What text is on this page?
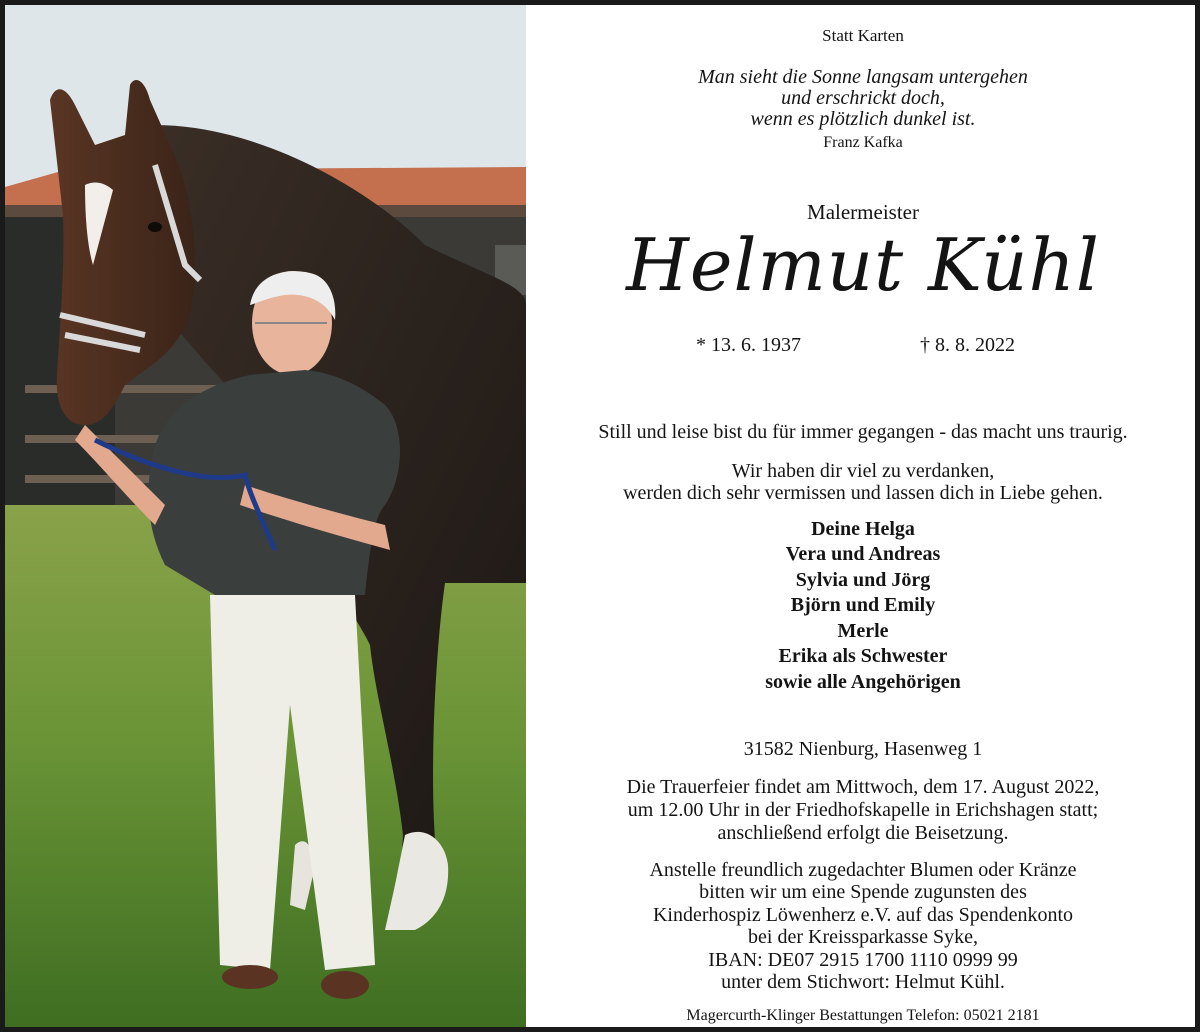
Statt Karten
Man sieht die Sonne langsam untergehen
und erschrickt doch,
wenn es plötzlich dunkel ist.
Franz Kafka
Malermeister
Helmut Kühl
* 13. 6. 1937	† 8. 8. 2022
Still und leise bist du für immer gegangen - das macht uns traurig.
Wir haben dir viel zu verdanken,
werden dich sehr vermissen und lassen dich in Liebe gehen.
Deine Helga
Vera und Andreas
Sylvia und Jörg
Björn und Emily
Merle
Erika als Schwester
sowie alle Angehörigen
31582 Nienburg, Hasenweg 1
Die Trauerfeier findet am Mittwoch, dem 17. August 2022,
um 12.00 Uhr in der Friedhofskapelle in Erichshagen statt;
anschließend erfolgt die Beisetzung.
Anstelle freundlich zugedachter Blumen oder Kränze
bitten wir um eine Spende zugunsten des
Kinderhospiz Löwenherz e.V. auf das Spendenkonto
bei der Kreissparkasse Syke,
IBAN: DE07 2915 1700 1110 0999 99
unter dem Stichwort: Helmut Kühl.
Magercurth-Klinger Bestattungen Telefon: 05021 2181
